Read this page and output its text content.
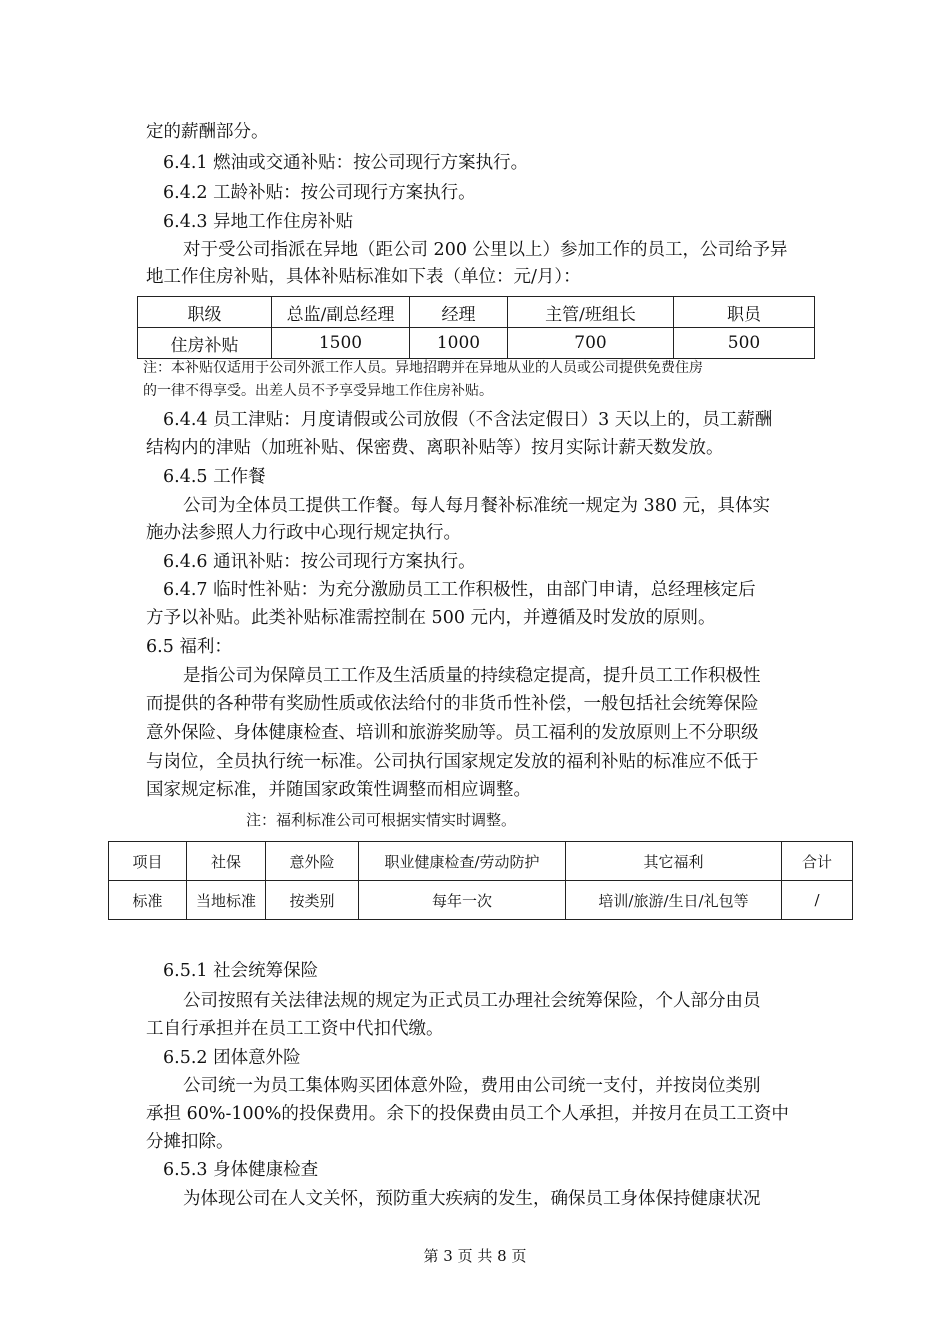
定的薪酬部分。
6.4.1 燃油或交通补贴：按公司现行方案执行。
6.4.2 工龄补贴：按公司现行方案执行。
6.4.3 异地工作住房补贴
对于受公司指派在异地（距公司 200 公里以上）参加工作的员工，公司给予异
地工作住房补贴，具体补贴标准如下表（单位：元/月）：
职级	总监/副总经理	经理	主管/班组长	职员
住房补贴	1500	1000	700	500
注：本补贴仅适用于公司外派工作人员。异地招聘并在异地从业的人员或公司提供免费住房
的一律不得享受。出差人员不予享受异地工作住房补贴。
6.4.4 员工津贴：月度请假或公司放假（不含法定假日）3 天以上的，员工薪酬
结构内的津贴（加班补贴、保密费、离职补贴等）按月实际计薪天数发放。
6.4.5 工作餐
公司为全体员工提供工作餐。每人每月餐补标准统一规定为 380 元，具体实
施办法参照人力行政中心现行规定执行。
6.4.6 通讯补贴：按公司现行方案执行。
6.4.7 临时性补贴：为充分激励员工工作积极性，由部门申请，总经理核定后
方予以补贴。此类补贴标准需控制在 500 元内，并遵循及时发放的原则。
6.5 福利：
是指公司为保障员工工作及生活质量的持续稳定提高，提升员工工作积极性
而提供的各种带有奖励性质或依法给付的非货币性补偿，一般包括社会统筹保险
意外保险、身体健康检查、培训和旅游奖励等。员工福利的发放原则上不分职级
与岗位，全员执行统一标准。公司执行国家规定发放的福利补贴的标准应不低于
国家规定标准，并随国家政策性调整而相应调整。
注：福利标准公司可根据实情实时调整。
项目	社保	意外险	职业健康检查/劳动防护	其它福利	合计
标准	当地标准	按类别	每年一次	培训/旅游/生日/礼包等	/
6.5.1 社会统筹保险
公司按照有关法律法规的规定为正式员工办理社会统筹保险，个人部分由员
工自行承担并在员工工资中代扣代缴。
6.5.2 团体意外险
公司统一为员工集体购买团体意外险，费用由公司统一支付，并按岗位类别
承担 60%-100%的投保费用。余下的投保费由员工个人承担，并按月在员工工资中
分摊扣除。
6.5.3 身体健康检查
为体现公司在人文关怀，预防重大疾病的发生，确保员工身体保持健康状况
第 3 页 共 8 页
